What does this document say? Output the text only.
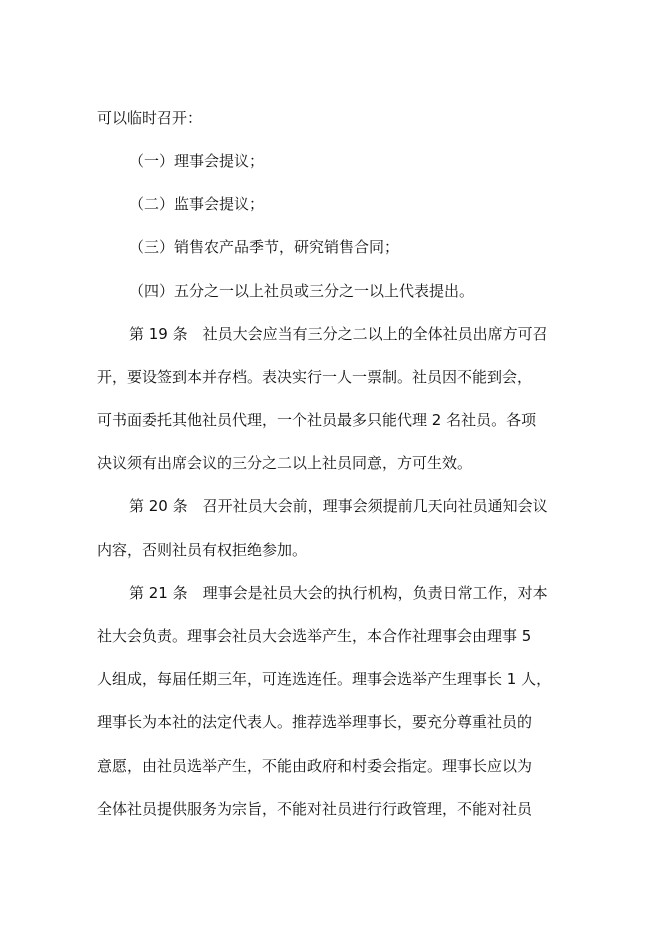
可以临时召开：
（一）理事会提议；
（二）监事会提议；
（三）销售农产品季节，研究销售合同；
（四）五分之一以上社员或三分之一以上代表提出。
第 19 条　社员大会应当有三分之二以上的全体社员出席方可召
开，要设签到本并存档。表决实行一人一票制。社员因不能到会，
可书面委托其他社员代理，一个社员最多只能代理 2 名社员。各项
决议须有出席会议的三分之二以上社员同意，方可生效。
第 20 条　召开社员大会前，理事会须提前几天向社员通知会议
内容，否则社员有权拒绝参加。
第 21 条　理事会是社员大会的执行机构，负责日常工作，对本
社大会负责。理事会社员大会选举产生，本合作社理事会由理事 5
人组成，每届任期三年，可连选连任。理事会选举产生理事长 1 人，
理事长为本社的法定代表人。推荐选举理事长，要充分尊重社员的
意愿，由社员选举产生，不能由政府和村委会指定。理事长应以为
全体社员提供服务为宗旨，不能对社员进行行政管理，不能对社员
